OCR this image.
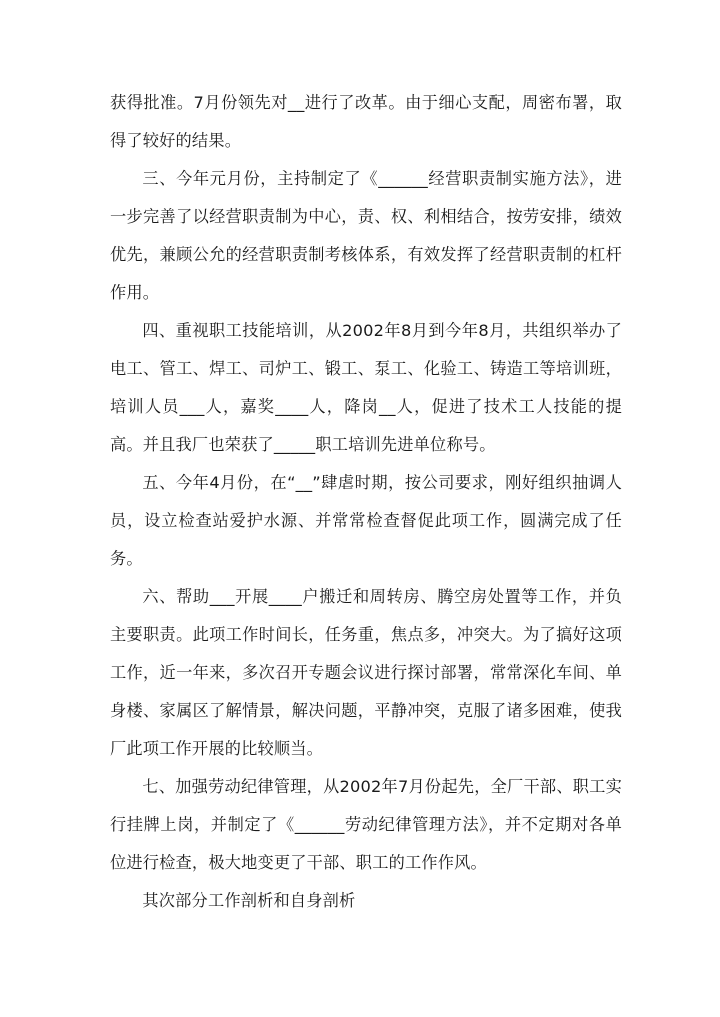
获得批准。7月份领先对__进行了改革。由于细心支配，周密布署，取得了较好的结果。

三、今年元月份，主持制定了《______经营职责制实施方法》，进一步完善了以经营职责制为中心，责、权、利相结合，按劳安排，绩效优先，兼顾公允的经营职责制考核体系，有效发挥了经营职责制的杠杆作用。

四、重视职工技能培训，从2002年8月到今年8月，共组织举办了电工、管工、焊工、司炉工、锻工、泵工、化验工、铸造工等培训班，培训人员___人，嘉奖____人，降岗__人，促进了技术工人技能的提高。并且我厂也荣获了_____职工培训先进单位称号。

五、今年4月份，在“__”肆虐时期，按公司要求，刚好组织抽调人员，设立检查站爱护水源、并常常检查督促此项工作，圆满完成了任务。

六、帮助___开展____户搬迁和周转房、腾空房处置等工作，并负主要职责。此项工作时间长，任务重，焦点多，冲突大。为了搞好这项工作，近一年来，多次召开专题会议进行探讨部署，常常深化车间、单身楼、家属区了解情景，解决问题，平静冲突，克服了诸多困难，使我厂此项工作开展的比较顺当。

七、加强劳动纪律管理，从2002年7月份起先，全厂干部、职工实行挂牌上岗，并制定了《______劳动纪律管理方法》，并不定期对各单位进行检查，极大地变更了干部、职工的工作作风。

其次部分工作剖析和自身剖析
